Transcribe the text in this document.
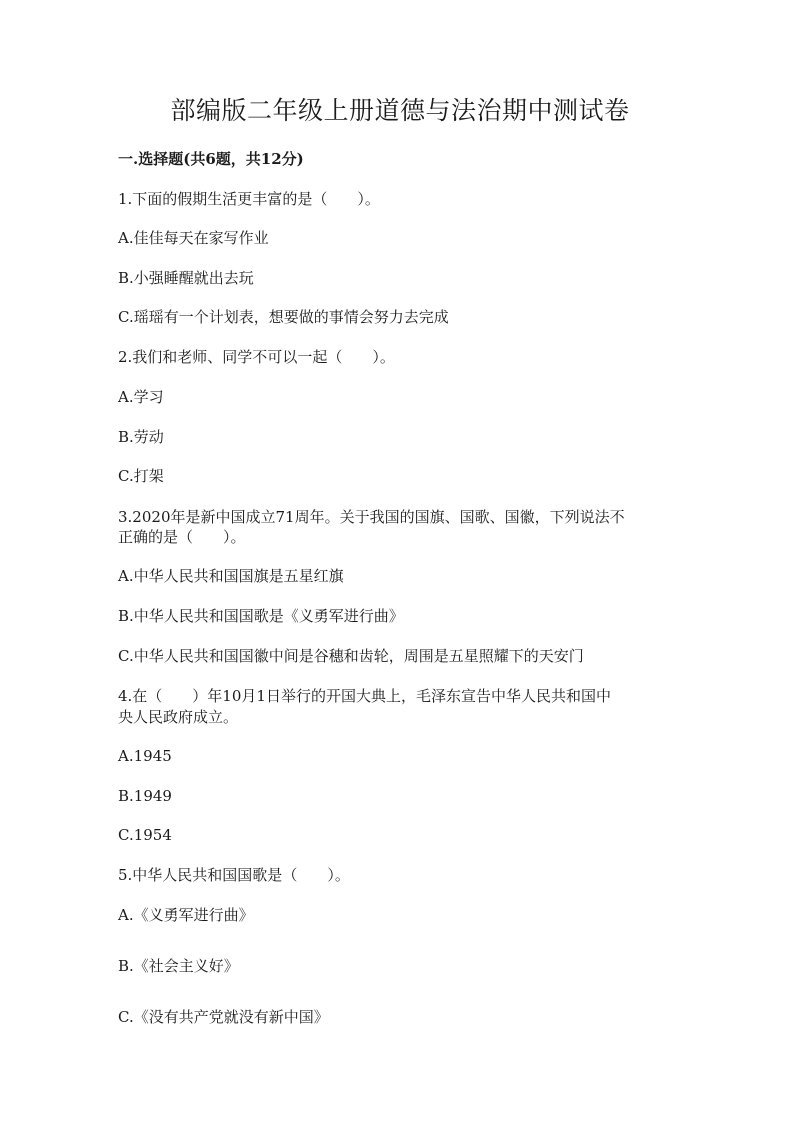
部编版二年级上册道德与法治期中测试卷
一.选择题(共6题，共12分)
1.下面的假期生活更丰富的是（　　）。
A.佳佳每天在家写作业
B.小强睡醒就出去玩
C.瑶瑶有一个计划表，想要做的事情会努力去完成
2.我们和老师、同学不可以一起（　　）。
A.学习
B.劳动
C.打架
3.2020年是新中国成立71周年。关于我国的国旗、国歌、国徽，下列说法不
正确的是（　　）。
A.中华人民共和国国旗是五星红旗
B.中华人民共和国国歌是《义勇军进行曲》
C.中华人民共和国国徽中间是谷穗和齿轮，周围是五星照耀下的天安门
4.在（　　）年10月1日举行的开国大典上，毛泽东宣告中华人民共和国中
央人民政府成立。
A.1945
B.1949
C.1954
5.中华人民共和国国歌是（　　）。
A.《义勇军进行曲》
B.《社会主义好》
C.《没有共产党就没有新中国》
